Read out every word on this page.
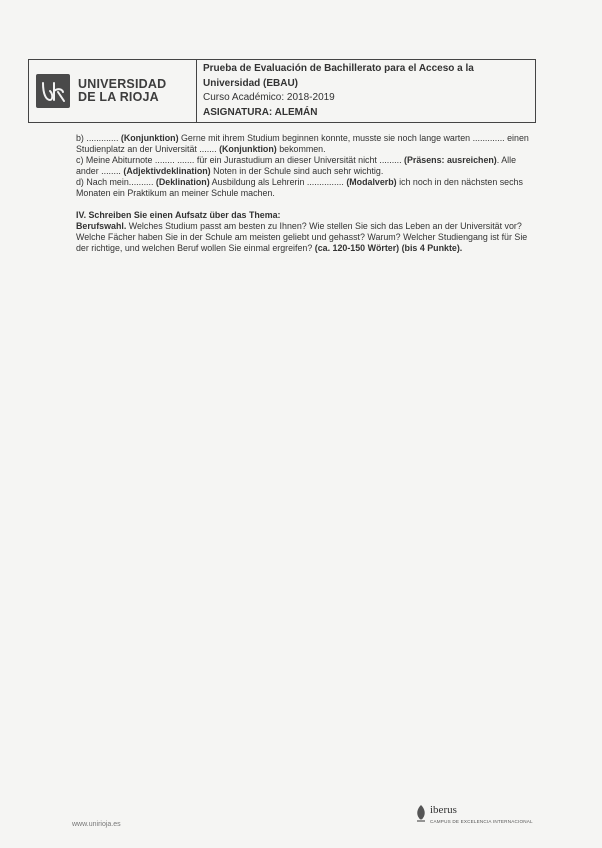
UNIVERSIDAD
DE LA RIOJA
Prueba de Evaluación de Bachillerato para el Acceso a la
Universidad (EBAU)
Curso Académico: 2018-2019
ASIGNATURA: ALEMÁN

b) ............. (Konjunktion) Gerne mit ihrem Studium beginnen konnte, musste sie noch lange warten ............. einen Studienplatz an der Universität ....... (Konjunktion) bekommen.

c) Meine Abiturnote ........ ....... für ein Jurastudium an dieser Universität nicht ......... (Präsens: ausreichen). Alle ander ........ (Adjektivdeklination) Noten in der Schule sind auch sehr wichtig.

d) Nach mein.......... (Deklination) Ausbildung als Lehrerin ............... (Modalverb) ich noch in den nächsten sechs Monaten ein Praktikum an meiner Schule machen.

IV. Schreiben Sie einen Aufsatz über das Thema:

Berufswahl. Welches Studium passt am besten zu Ihnen? Wie stellen Sie sich das Leben an der Universität vor? Welche Fächer haben Sie in der Schule am meisten geliebt und gehasst? Warum? Welcher Studiengang ist für Sie der richtige, und welchen Beruf wollen Sie einmal ergreifen? (ca. 120-150 Wörter) (bis 4 Punkte).

www.unirioja.es
iberus
CAMPUS DE EXCELENCIA INTERNACIONAL
